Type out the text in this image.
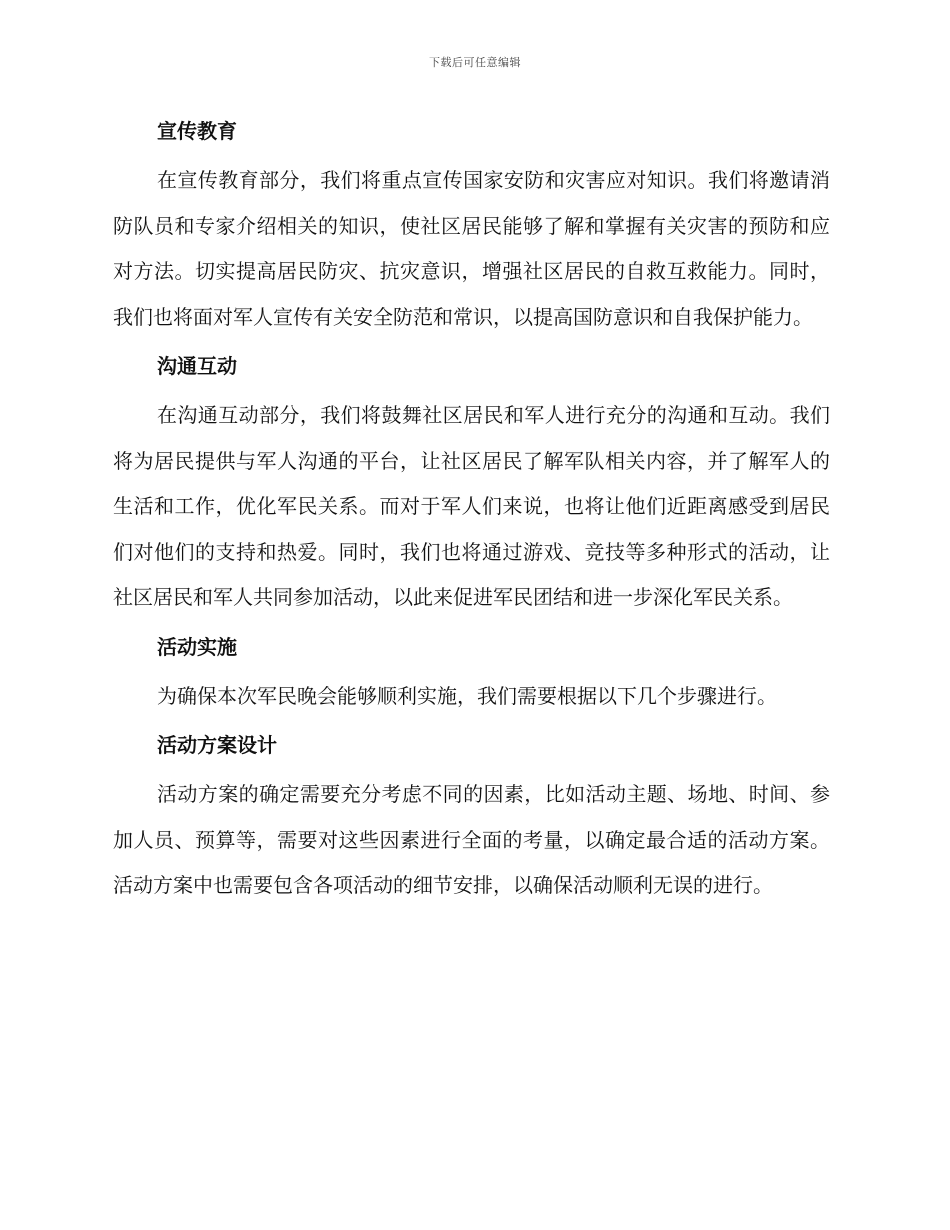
下载后可任意编辑
宣传教育

在宣传教育部分，我们将重点宣传国家安防和灾害应对知识。我们将邀请消防队员和专家介绍相关的知识，使社区居民能够了解和掌握有关灾害的预防和应对方法。切实提高居民防灾、抗灾意识，增强社区居民的自救互救能力。同时，我们也将面对军人宣传有关安全防范和常识，以提高国防意识和自我保护能力。

沟通互动

在沟通互动部分，我们将鼓舞社区居民和军人进行充分的沟通和互动。我们将为居民提供与军人沟通的平台，让社区居民了解军队相关内容，并了解军人的生活和工作，优化军民关系。而对于军人们来说，也将让他们近距离感受到居民们对他们的支持和热爱。同时，我们也将通过游戏、竞技等多种形式的活动，让社区居民和军人共同参加活动，以此来促进军民团结和进一步深化军民关系。

活动实施

为确保本次军民晚会能够顺利实施，我们需要根据以下几个步骤进行。

活动方案设计

活动方案的确定需要充分考虑不同的因素，比如活动主题、场地、时间、参加人员、预算等，需要对这些因素进行全面的考量，以确定最合适的活动方案。活动方案中也需要包含各项活动的细节安排，以确保活动顺利无误的进行。
